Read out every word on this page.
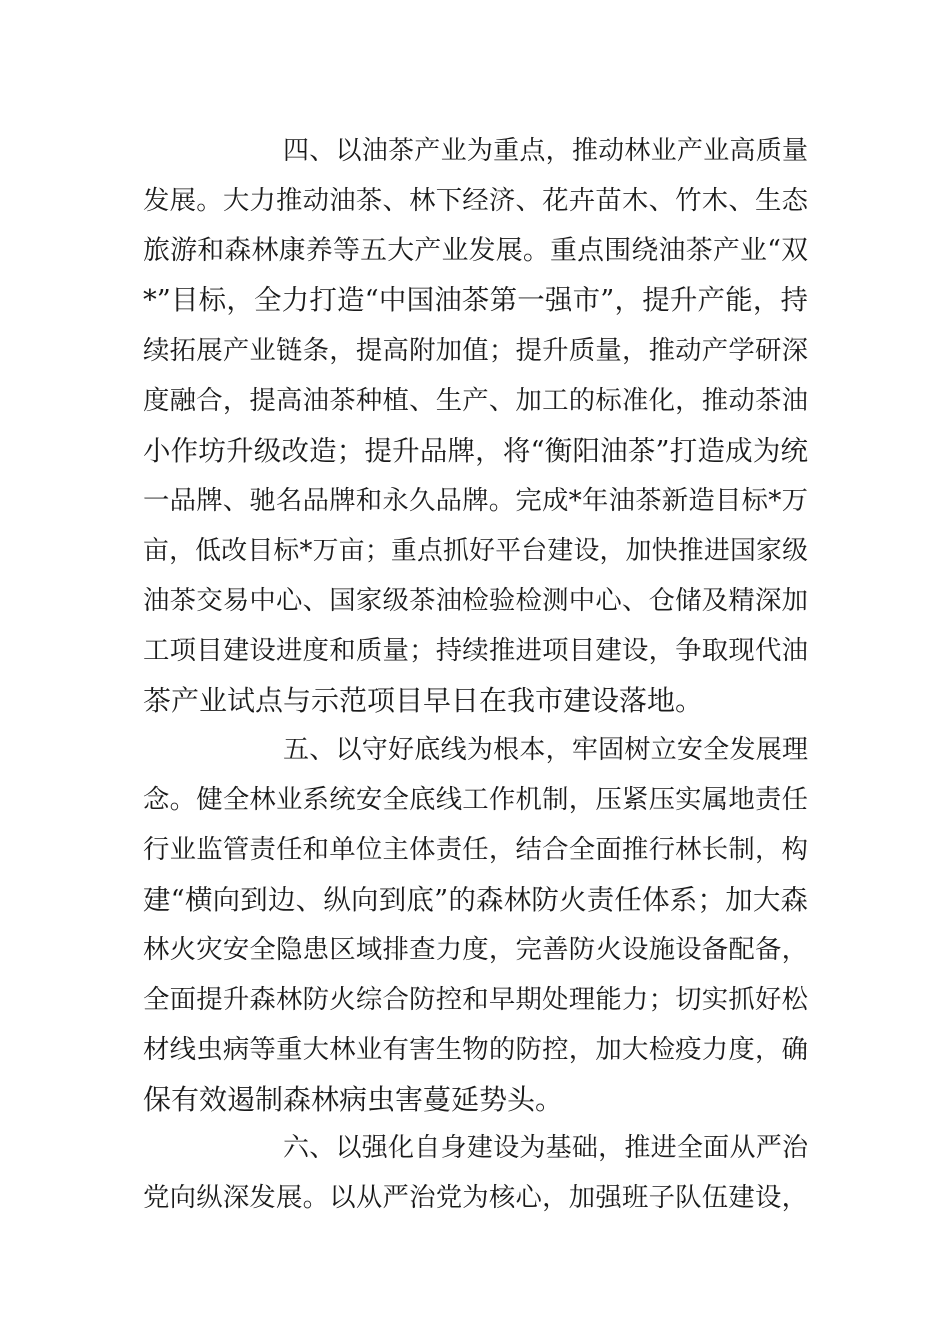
四、以油茶产业为重点，推动林业产业高质量
发展。大力推动油茶、林下经济、花卉苗木、竹木、生态
旅游和森林康养等五大产业发展。重点围绕油茶产业“双
*”目标，全力打造“中国油茶第一强市”，提升产能，持
续拓展产业链条，提高附加值；提升质量，推动产学研深
度融合，提高油茶种植、生产、加工的标准化，推动茶油
小作坊升级改造；提升品牌，将“衡阳油茶”打造成为统
一品牌、驰名品牌和永久品牌。完成*年油茶新造目标*万
亩，低改目标*万亩；重点抓好平台建设，加快推进国家级
油茶交易中心、国家级茶油检验检测中心、仓储及精深加
工项目建设进度和质量；持续推进项目建设，争取现代油
茶产业试点与示范项目早日在我市建设落地。
五、以守好底线为根本，牢固树立安全发展理
念。健全林业系统安全底线工作机制，压紧压实属地责任
行业监管责任和单位主体责任，结合全面推行林长制，构
建“横向到边、纵向到底”的森林防火责任体系；加大森
林火灾安全隐患区域排查力度，完善防火设施设备配备，
全面提升森林防火综合防控和早期处理能力；切实抓好松
材线虫病等重大林业有害生物的防控，加大检疫力度，确
保有效遏制森林病虫害蔓延势头。
六、以强化自身建设为基础，推进全面从严治
党向纵深发展。以从严治党为核心，加强班子队伍建设，
